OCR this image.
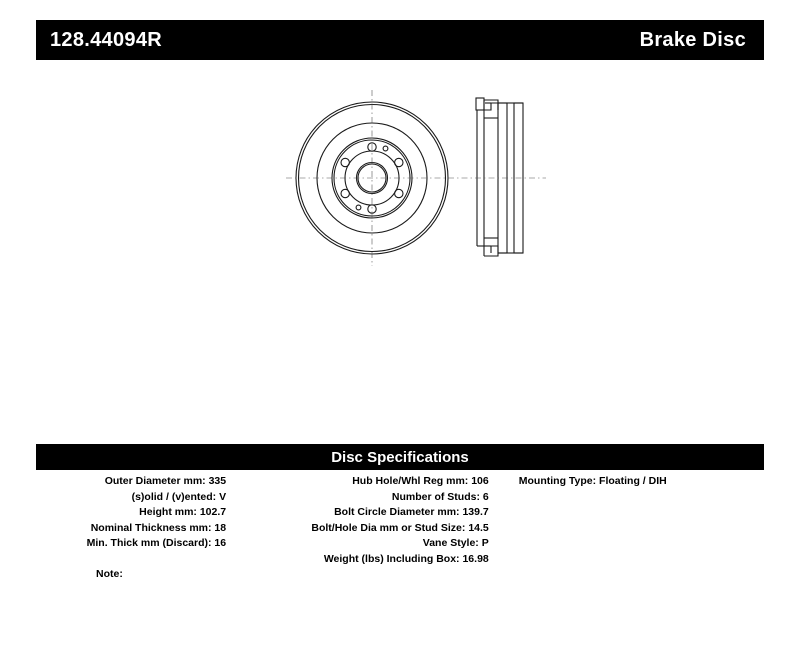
128.44094R	Brake Disc
Disc Specifications
Outer Diameter mm: 335
(s)olid / (v)ented: V
Height mm: 102.7
Nominal Thickness mm: 18
Min. Thick mm (Discard): 16
Hub Hole/Whl Reg mm: 106
Number of Studs: 6
Bolt Circle Diameter mm: 139.7
Bolt/Hole Dia mm or Stud Size: 14.5
Vane Style: P
Weight (lbs) Including Box: 16.98
Mounting Type: Floating / DIH
Note:
